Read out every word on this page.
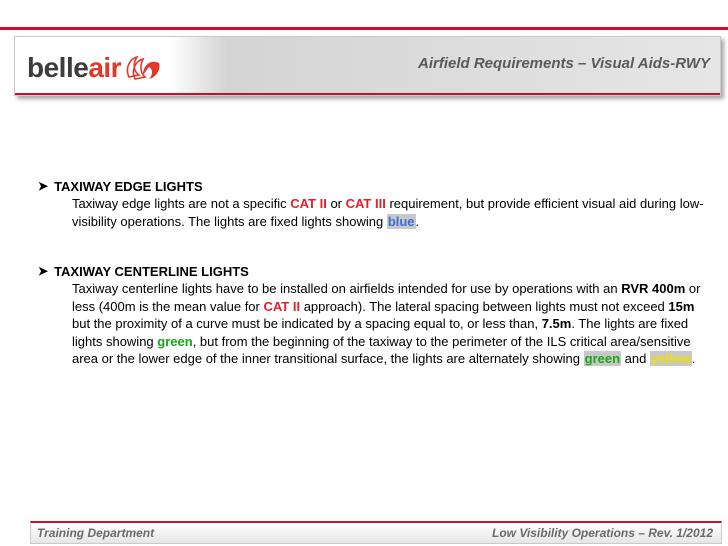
belleair	Airfield Requirements – Visual Aids-RWY
➤ TAXIWAY EDGE LIGHTS
Taxiway edge lights are not a specific CAT II or CAT III requirement, but provide efficient visual aid during low-visibility operations. The lights are fixed lights showing blue.
➤ TAXIWAY CENTERLINE LIGHTS
Taxiway centerline lights have to be installed on airfields intended for use by operations with an RVR 400m or less (400m is the mean value for CAT II approach). The lateral spacing between lights must not exceed 15m but the proximity of a curve must be indicated by a spacing equal to, or less than, 7.5m. The lights are fixed lights showing green, but from the beginning of the taxiway to the perimeter of the ILS critical area/sensitive area or the lower edge of the inner transitional surface, the lights are alternately showing green and yellow.
Training Department	Low Visibility Operations – Rev. 1/2012
